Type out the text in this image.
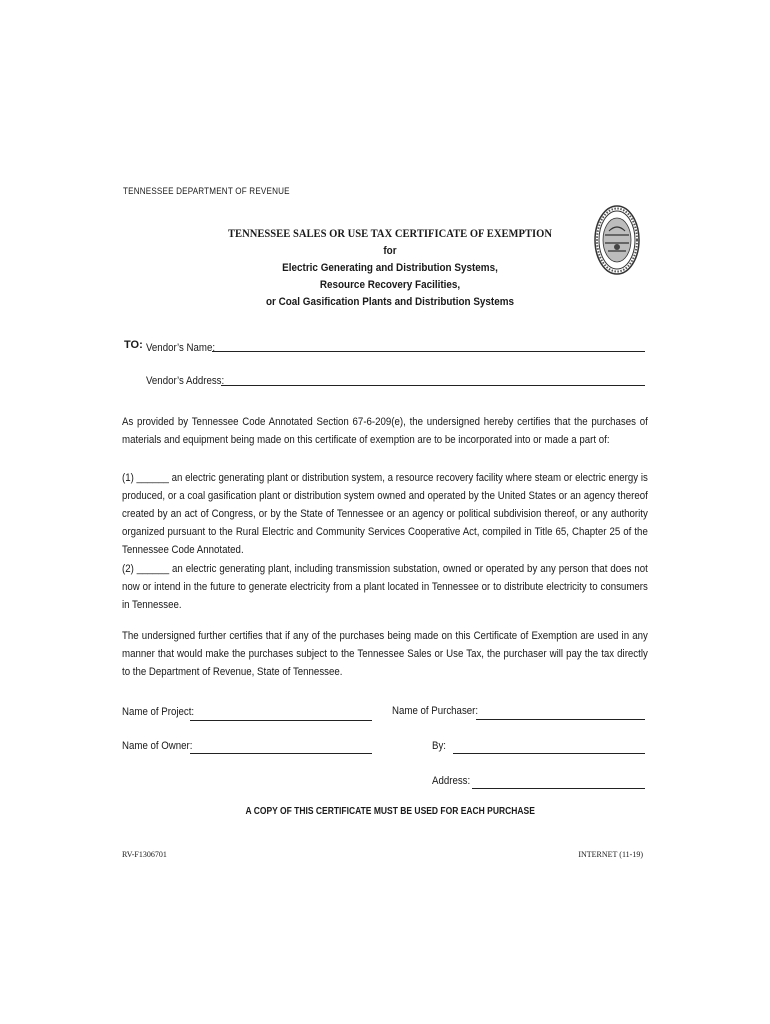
TENNESSEE DEPARTMENT OF REVENUE
TENNESSEE SALES OR USE TAX CERTIFICATE OF EXEMPTION
for
Electric Generating and Distribution Systems,
Resource Recovery Facilities,
or Coal Gasification Plants and Distribution Systems
TO: Vendor’s Name:
Vendor’s Address:
As provided by Tennessee Code Annotated Section 67-6-209(e), the undersigned hereby certifies that the purchases of materials and equipment being made on this certificate of exemption are to be incorporated into or made a part of:
(1) ______ an electric generating plant or distribution system, a resource recovery facility where steam or electric energy is produced, or a coal gasification plant or distribution system owned and operated by the United States or an agency thereof created by an act of Congress, or by the State of Tennessee or an agency or political subdivision thereof, or any authority organized pursuant to the Rural Electric and Community Services Cooperative Act, compiled in Title 65, Chapter 25 of the Tennessee Code Annotated.
(2) ______ an electric generating plant, including transmission substation, owned or operated by any person that does not now or intend in the future to generate electricity from a plant located in Tennessee or to distribute electricity to consumers in Tennessee.
The undersigned further certifies that if any of the purchases being made on this Certificate of Exemption are used in any manner that would make the purchases subject to the Tennessee Sales or Use Tax, the purchaser will pay the tax directly to the Department of Revenue, State of Tennessee.
Name of Project:	Name of Purchaser:
Name of Owner:	By:
Address:
A COPY OF THIS CERTIFICATE MUST BE USED FOR EACH PURCHASE
RV-F1306701	INTERNET (11-19)
